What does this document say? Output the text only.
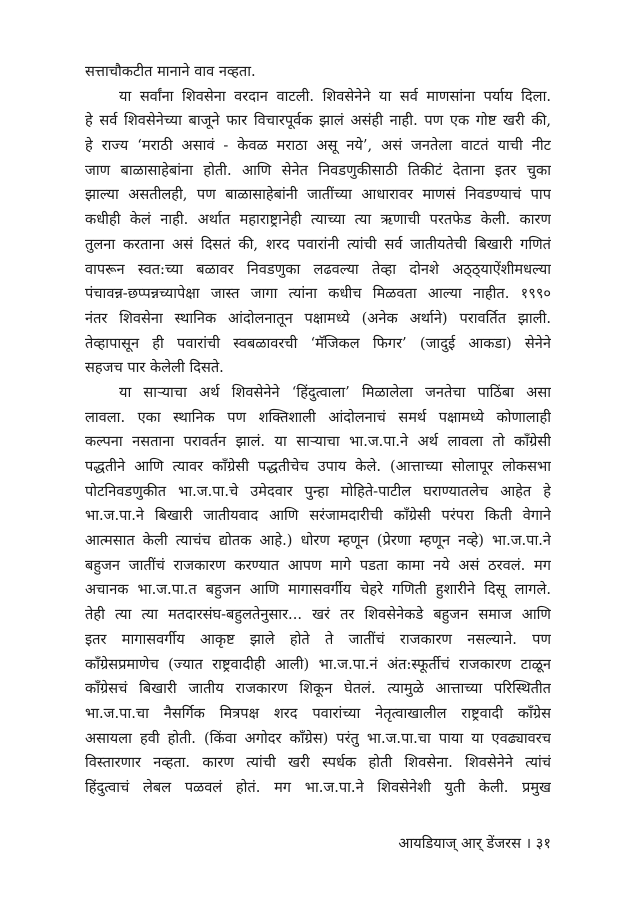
सत्ताचौकटीत मानाने वाव नव्हता.
या सर्वांना शिवसेना वरदान वाटली. शिवसेनेने या सर्व माणसांना पर्याय दिला.
हे सर्व शिवसेनेच्या बाजूने फार विचारपूर्वक झालं असंही नाही. पण एक गोष्ट खरी की,
हे राज्य ‘मराठी असावं - केवळ मराठा असू नये’, असं जनतेला वाटतं याची नीट
जाण बाळासाहेबांना होती. आणि सेनेत निवडणुकीसाठी तिकीटं देताना इतर चुका
झाल्या असतीलही, पण बाळासाहेबांनी जातींच्या आधारावर माणसं निवडण्याचं पाप
कधीही केलं नाही. अर्थात महाराष्ट्रानेही त्याच्या त्या ऋणाची परतफेड केली. कारण
तुलना करताना असं दिसतं की, शरद पवारांनी त्यांची सर्व जातीयतेची बिखारी गणितं
वापरून स्वत:च्या बळावर निवडणुका लढवल्या तेव्हा दोनशे अठ्ठ्याऐंशीमधल्या
पंचावन्न-छप्पन्नच्यापेक्षा जास्त जागा त्यांना कधीच मिळवता आल्या नाहीत. १९९०
नंतर शिवसेना स्थानिक आंदोलनातून पक्षामध्ये (अनेक अर्थाने) परावर्तित झाली.
तेव्हापासून ही पवारांची स्वबळावरची ‘मॅजिकल फिगर’ (जादुई आकडा) सेनेने
सहजच पार केलेली दिसते.
या साऱ्याचा अर्थ शिवसेनेने ‘हिंदुत्वाला’ मिळालेला जनतेचा पाठिंबा असा
लावला. एका स्थानिक पण शक्तिशाली आंदोलनाचं समर्थ पक्षामध्ये कोणालाही
कल्पना नसताना परावर्तन झालं. या साऱ्याचा भा.ज.पा.ने अर्थ लावला तो कॉंग्रेसी
पद्धतीने आणि त्यावर कॉंग्रेसी पद्धतीचेच उपाय केले. (आत्ताच्या सोलापूर लोकसभा
पोटनिवडणुकीत भा.ज.पा.चे उमेदवार पुन्हा मोहिते-पाटील घराण्यातलेच आहेत हे
भा.ज.पा.ने बिखारी जातीयवाद आणि सरंजामदारीची कॉंग्रेसी परंपरा किती वेगाने
आत्मसात केली त्याचंच द्योतक आहे.) धोरण म्हणून (प्रेरणा म्हणून नव्हे) भा.ज.पा.ने
बहुजन जातींचं राजकारण करण्यात आपण मागे पडता कामा नये असं ठरवलं. मग
अचानक भा.ज.पा.त बहुजन आणि मागासवर्गीय चेहरे गणिती हुशारीने दिसू लागले.
तेही त्या त्या मतदारसंघ-बहुलतेनुसार... खरं तर शिवसेनेकडे बहुजन समाज आणि
इतर मागासवर्गीय आकृष्ट झाले होते ते जातींचं राजकारण नसल्याने. पण
कॉंग्रेसप्रमाणेच (ज्यात राष्ट्रवादीही आली) भा.ज.पा.नं अंत:स्फूर्तीचं राजकारण टाळून
कॉंग्रेसचं बिखारी जातीय राजकारण शिकून घेतलं. त्यामुळे आत्ताच्या परिस्थितीत
भा.ज.पा.चा नैसर्गिक मित्रपक्ष शरद पवारांच्या नेतृत्वाखालील राष्ट्रवादी कॉंग्रेस
असायला हवी होती. (किंवा अगोदर कॉंग्रेस) परंतु भा.ज.पा.चा पाया या एवढ्यावरच
विस्तारणार नव्हता. कारण त्यांची खरी स्पर्धक होती शिवसेना. शिवसेनेने त्यांचं
हिंदुत्वाचं लेबल पळवलं होतं. मग भा.ज.पा.ने शिवसेनेशी युती केली. प्रमुख
आयडियाज् आर् डेंजरस । ३१
